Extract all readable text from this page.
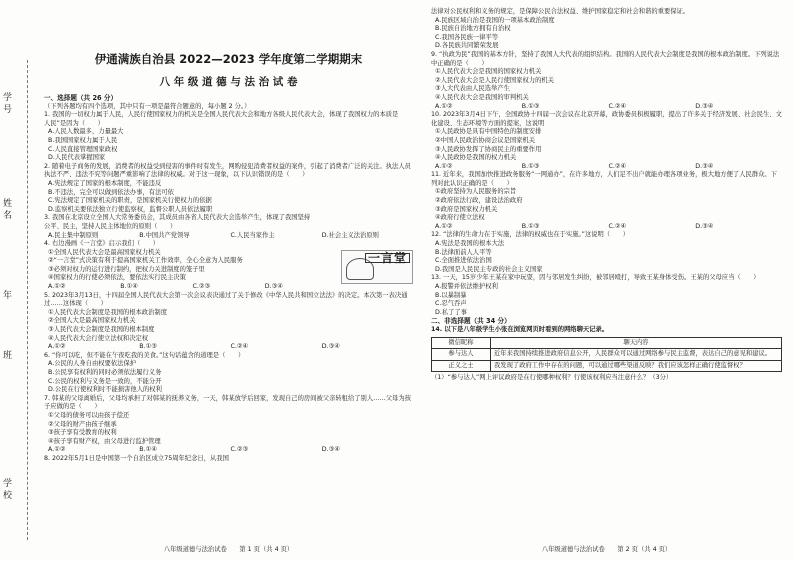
学号
姓名
年
班
学校
伊通满族自治县 2022—2023 学年度第二学期期末
八 年 级 道 德 与 法 治 试 卷
一、选择题（共 26 分）
（下列各题均有四个选项，其中只有一项是最符合题意的，每小题 2 分。）
1. 我国的一切权力属于人民，人民行使国家权力的机关是全国人民代表大会和地方各级人民代表大会，体现了我国权力的本质是
人民”是因为（　　）
A.人民人数最多，力量最大
B.我国国家权力属于人民
C.人民直接管理国家政权
D.人民代表掌握国家
2. 随着电子商务的发展，消费者的权益受到侵害的事件时有发生，网购侵犯消费者权益的案件，引起了消费者广泛的关注。执法人员执法不严、违法不究等问题严重影响了法律的权威。对于这一现象，以下认识错误的是（　　）
A.宪法规定了国家的根本制度，不能违反
B.不违法，完全可以做到依法办事，有法可依
C.宪法规定了国家机关的职责，是国家机关行使权力的依据
D.监察机关要依法独立行使监察权，监督公职人员依法履职
3. 我国在北京设立全国人大常务委员会，其成员由各省人民代表大会选举产生，体现了我国坚持
公平、民主，坚持人民主体地位的原则（　　）
A.民主集中制原则	B.中国共产党领导	C.人民当家作主	D.社会主义法治原则
4. 右边漫画《一言堂》启示我们（　　）
一言堂
①全国人民代表大会是最高国家权力机关
②“一言堂”式决策有利于提高国家机关工作效率，全心全意为人民服务
③必须对权力的运行进行制约，把权力关进制度的笼子里
④国家权力的行使必须依法，要依法实行民主决策
A.①②	B.①④	C.②③	D.③④
5. 2023年3月13日，十四届全国人民代表大会第一次会议表决通过了关于修改《中华人民共和国立法法》的决定。本次第一表决通过……这体现（　　）
①人民代表大会制度是我国的根本政治制度
②全国人大是最高国家权力机关
③人民代表大会制度是我国的根本制度
④人民代表大会行使立法权和决定权
A.①②	B.①③	C.②④	D.③④
6. “你可以吃，但不能在午夜吃我的美食。”这句话蕴含的道理是（　　）
A.公民的人身自由权要依法保护
B.公民享有权利的同时必须依法履行义务
C.公民的权利与义务是一致的，不能分开
D.公民在行使权利时不能损害他人的权利
7. 韩某的父母离婚后，父母均承担了对韩某的抚养义务，一天，韩某放学后回家，发现自己的房间被父亲转租给了别人……父母为孩子应做的是（　　）
①父母的债务可以由孩子偿还
②父母的财产由孩子继承
③孩子享有受教育的权利
④孩子享有财产权，由父母进行监护管理
A.①②	B.①④	C.②③	D.③④
8. 2022年5月1日是中国第一个自治区成立75周年纪念日，从我国
八年级道德与法治试卷　　第 1 页（共 4 页）
法律对公民权利和义务的规定，是保障公民合法权益、维护国家稳定和社会和谐的重要保证。
A.民族区域自治是我国的一项基本政治制度
B.民族自治地方拥有自治权
C.我国各民族一律平等
D.各民族共同繁荣发展
9. “执政为民”我国的基本方针，坚持了我国人大代表的组织结构。我国的人民代表大会制度是我国的根本政治制度。下列说法中正确的是（　　）
①人民代表大会是我国的国家权力机关
②人民代表大会是人民行使国家权力的机关
③人大代表由人民选举产生
④人民代表大会是我国的审判机关
A.①②	B.①③	C.②④	D.③④
10. 2023年3月4日下午，全国政协十四届一次会议在北京开幕，政协委员积极履职，提出了许多关于经济发展、社会民生、文化建设、生态环境等方面的提案，这说明
①人民政协是具有中国特色的制度安排
②中国人民政治协商会议是国家机关
③人民政协发挥了协商民主的重要作用
④人民政协是我国的权力机关
A.①②	B.①③	C.②④	D.③④
11. 近年来，我国加快推进政务服务“一网通办”，在许多地方，人们足不出户就能办理各项业务，极大地方便了人民群众。下列对此认识正确的是（　　）
①政府坚持为人民服务的宗旨
②政府依法行政，建设法治政府
③政府是国家权力机关
④政府行使立法权
A.①②	B.①③	C.②④	D.③④
12. “法律的生命力在于实施，法律的权威也在于实施。”这说明（　　）
A.宪法是我国的根本大法
B.法律面前人人平等
C.全面推进依法治国
D.我国是人民民主专政的社会主义国家
13. 一天，15岁少年王某在家中玩耍，因与邻居发生纠纷，被邻居殴打，导致王某身体受伤。王某的父母应当（　　）
A.报警并依法维护权利
B.以暴制暴
C.忍气吞声
D.私了了事
二、非选择题（共 34 分）
14. 以下是八年级学生小张在浏览网页时看到的网络聊天记录。
微信昵称	聊天内容
参与达人	近年来我国持续推进政府信息公开，人民群众可以通过网络参与民主监督，表达自己的意见和建议。
正义之士	我发现了政府工作中存在的问题，可以通过哪些渠道反映？我们应该怎样正确行使监督权？
（1）“参与达人”网上评议政府是在行使哪种权利？行使该权利应当注意什么？（3分）
八年级道德与法治试卷　　第 2 页（共 4 页）
